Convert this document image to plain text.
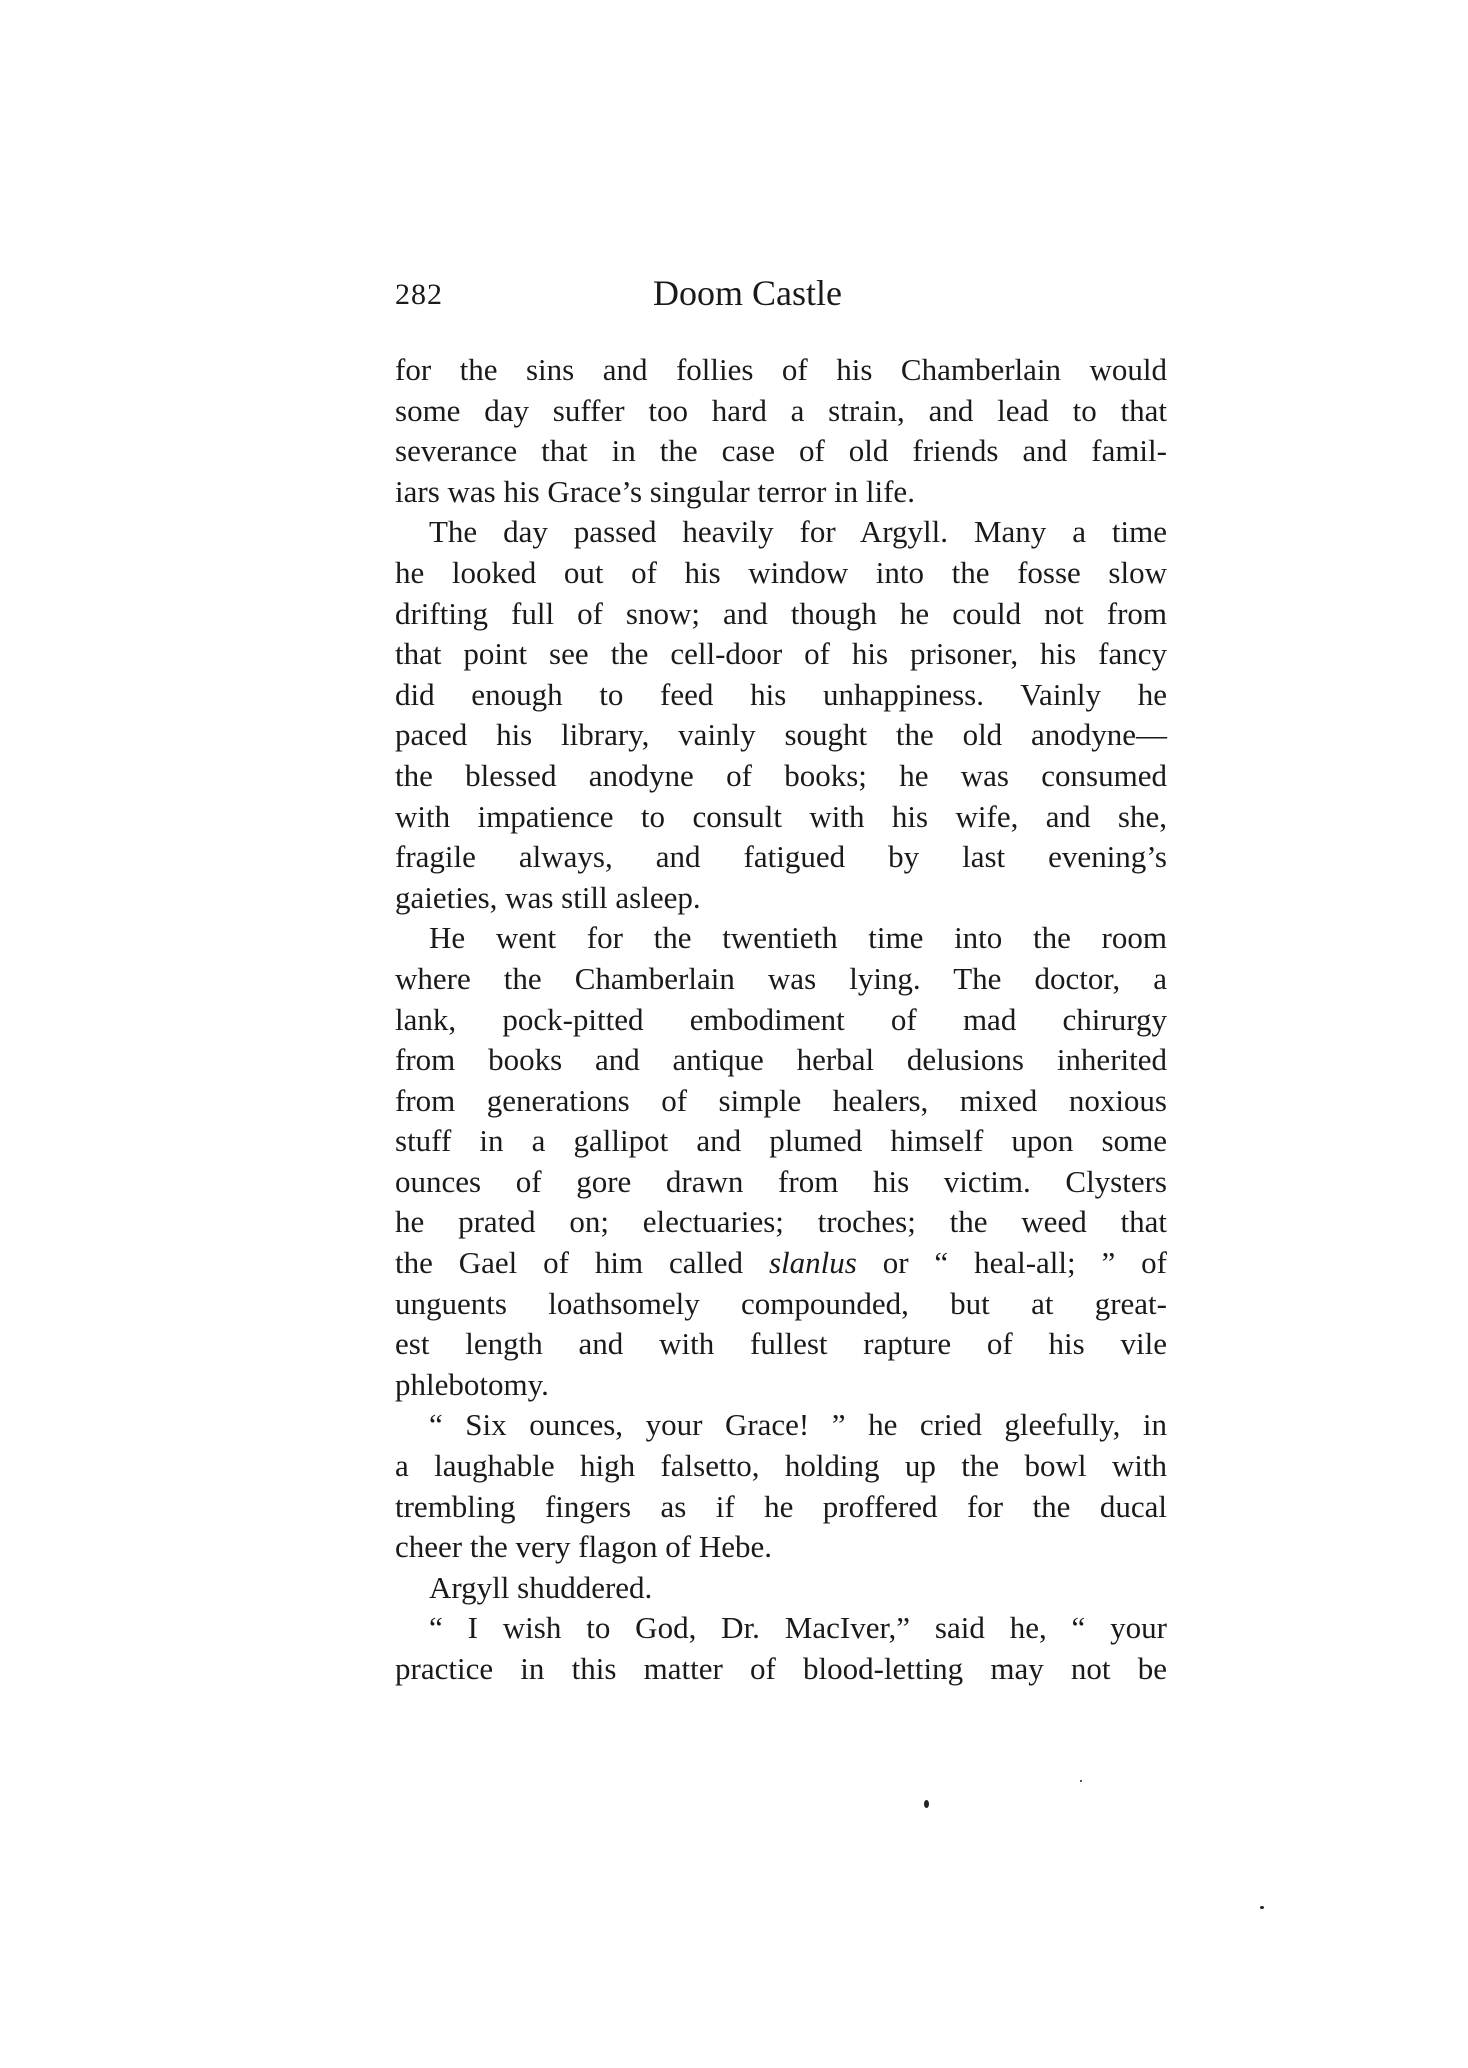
282	Doom Castle
for the sins and follies of his Chamberlain would
some day suffer too hard a strain, and lead to that
severance that in the case of old friends and famil-
iars was his Grace’s singular terror in life.
The day passed heavily for Argyll. Many a time
he looked out of his window into the fosse slow
drifting full of snow; and though he could not from
that point see the cell-door of his prisoner, his fancy
did enough to feed his unhappiness. Vainly he
paced his library, vainly sought the old anodyne—
the blessed anodyne of books; he was consumed
with impatience to consult with his wife, and she,
fragile always, and fatigued by last evening’s
gaieties, was still asleep.
He went for the twentieth time into the room
where the Chamberlain was lying. The doctor, a
lank, pock-pitted embodiment of mad chirurgy
from books and antique herbal delusions inherited
from generations of simple healers, mixed noxious
stuff in a gallipot and plumed himself upon some
ounces of gore drawn from his victim. Clysters
he prated on; electuaries; troches; the weed that
the Gael of him called slanlus or “ heal-all; ” of
unguents loathsomely compounded, but at great-
est length and with fullest rapture of his vile
phlebotomy.
“ Six ounces, your Grace! ” he cried gleefully, in
a laughable high falsetto, holding up the bowl with
trembling fingers as if he proffered for the ducal
cheer the very flagon of Hebe.
Argyll shuddered.
“ I wish to God, Dr. MacIver,” said he, “ your
practice in this matter of blood-letting may not be
